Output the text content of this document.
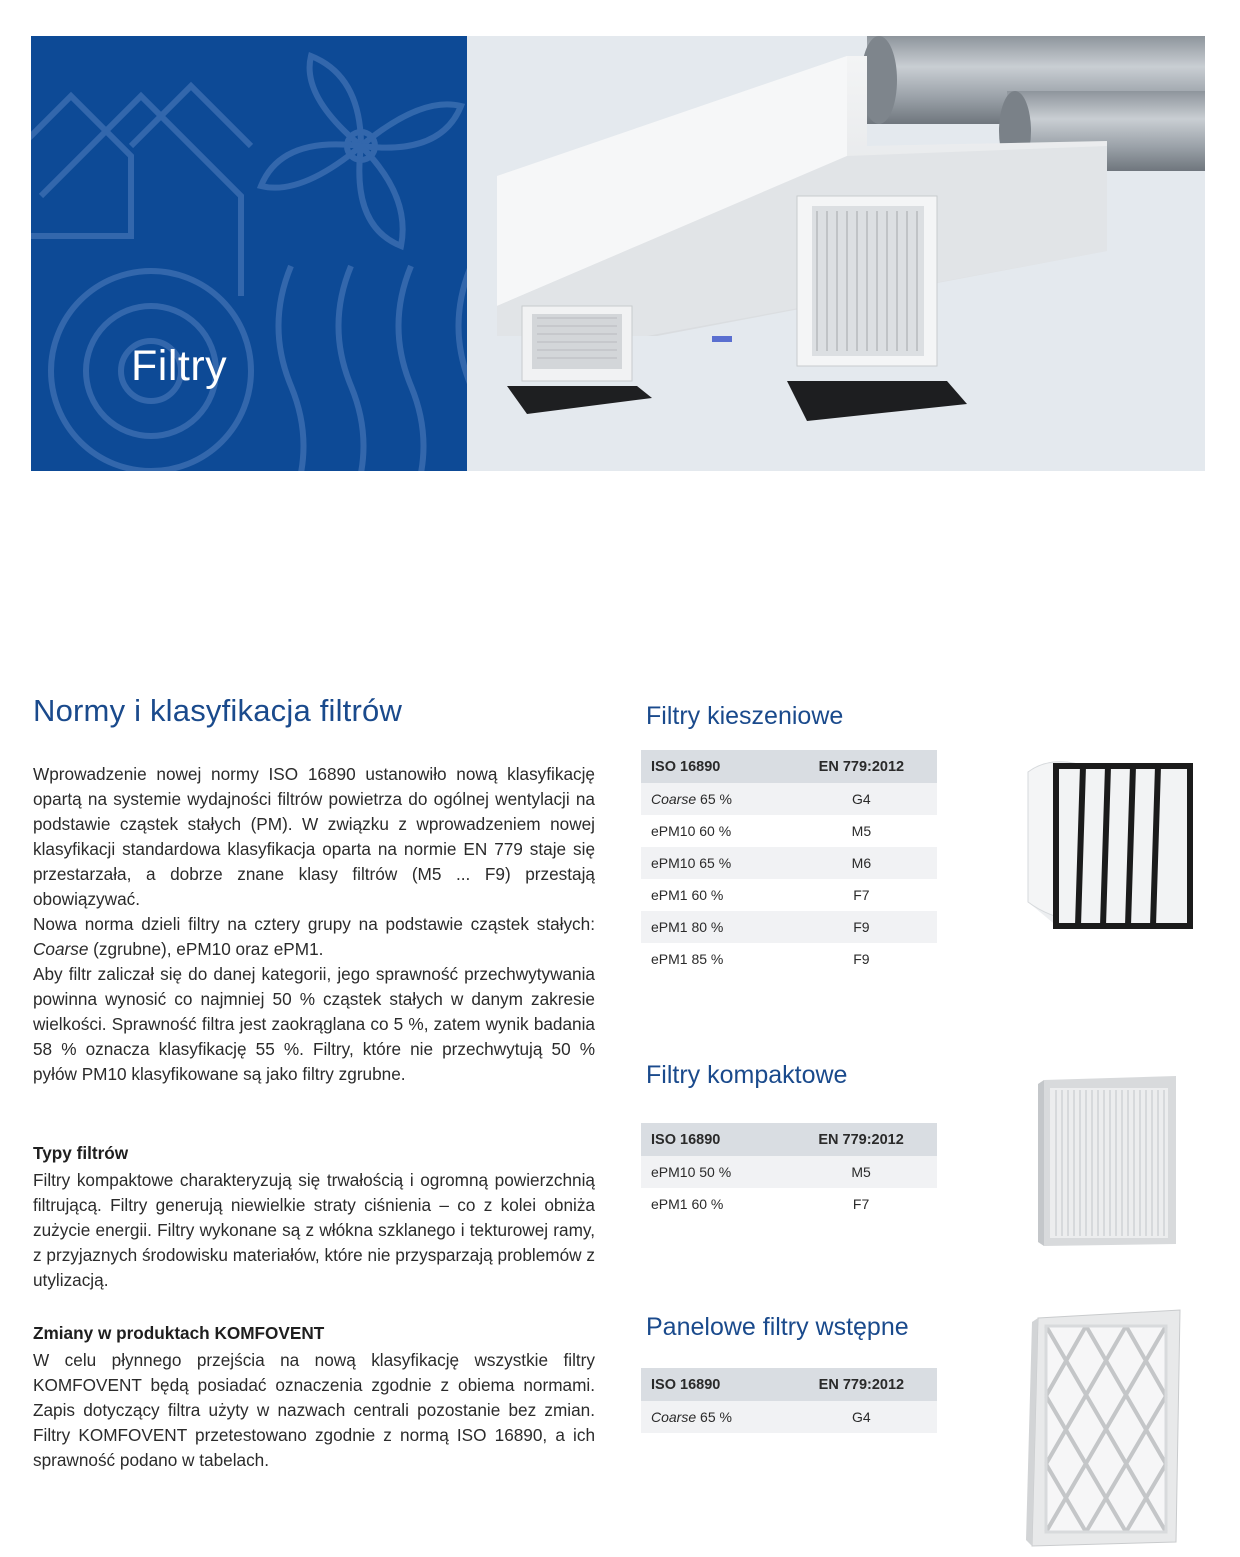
Filtry
Normy i klasyfikacja filtrów

Wprowadzenie nowej normy ISO 16890 ustanowiło nową klasyfikację opartą na systemie wydajności filtrów powietrza do ogólnej wentylacji na podstawie cząstek stałych (PM). W związku z wprowadzeniem nowej klasyfikacji standardowa klasyfikacja oparta na normie EN 779 staje się przestarzała, a dobrze znane klasy filtrów (M5 ... F9) przestają obowiązywać.

Nowa norma dzieli filtry na cztery grupy na podstawie cząstek stałych: Coarse (zgrubne), ePM10 oraz ePM1.

Aby filtr zaliczał się do danej kategorii, jego sprawność przechwytywania powinna wynosić co najmniej 50 % cząstek stałych w danym zakresie wielkości. Sprawność filtra jest zaokrąglana co 5 %, zatem wynik badania 58 % oznacza klasyfikację 55 %. Filtry, które nie przechwytują 50 % pyłów PM10 klasyfikowane są jako filtry zgrubne.

Typy filtrów

Filtry kompaktowe charakteryzują się trwałością i ogromną powierzchnią filtrującą. Filtry generują niewielkie straty ciśnienia – co z kolei obniża zużycie energii. Filtry wykonane są z włókna szklanego i tekturowej ramy, z przyjaznych środowisku materiałów, które nie przysparzają problemów z utylizacją.

Zmiany w produktach KOMFOVENT

W celu płynnego przejścia na nową klasyfikację wszystkie filtry KOMFOVENT będą posiadać oznaczenia zgodnie z obiema normami. Zapis dotyczący filtra użyty w nazwach centrali pozostanie bez zmian. Filtry KOMFOVENT przetestowano zgodnie z normą ISO 16890, a ich sprawność podano w tabelach.

Filtry kieszeniowe
ISO 16890	EN 779:2012
Coarse 65 %	G4
ePM10 60 %	M5
ePM10 65 %	M6
ePM1 60 %	F7
ePM1 80 %	F9
ePM1 85 %	F9
Filtry kompaktowe
ISO 16890	EN 779:2012
ePM10 50 %	M5
ePM1 60 %	F7
Panelowe filtry wstępne
ISO 16890	EN 779:2012
Coarse 65 %	G4
